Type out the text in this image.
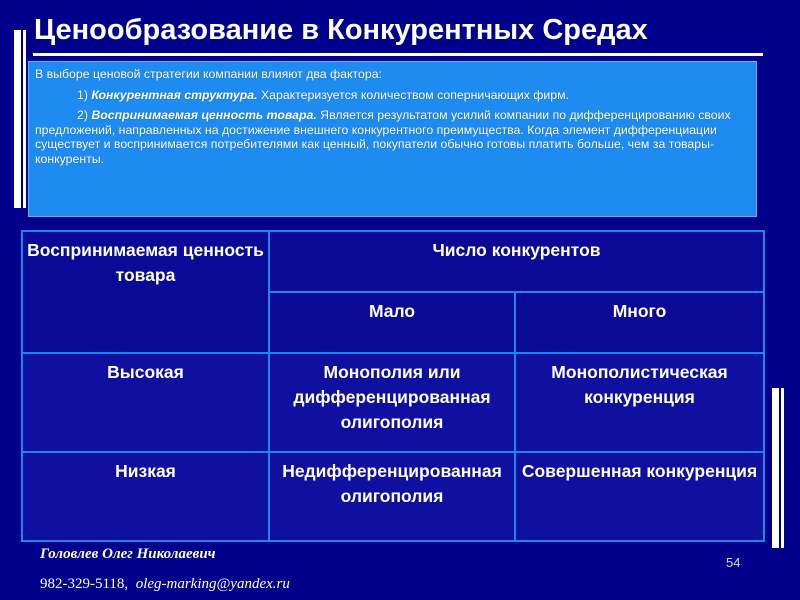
Ценообразование в Конкурентных Средах

В выборе ценовой стратегии компании влияют два фактора:

1) Конкурентная структура. Характеризуется количеством соперничающих фирм.

2) Воспринимаемая ценность товара. Является результатом усилий компании по дифференцированию своих предложений, направленных на достижение внешнего конкурентного преимущества. Когда элемент дифференциации существует и воспринимается потребителями как ценный, покупатели обычно готовы платить больше, чем за товары-конкуренты.

Воспринимаемая ценность товара	Число конкурентов	
	Мало	Много
Высокая	Монополия или дифференцированная олигополия	Монополистическая конкуренция
Низкая	Недифференцированная олигополия	Совершенная конкуренция
Головлев Олег Николаевич
982-329-5118, oleg-marking@yandex.ru
54
